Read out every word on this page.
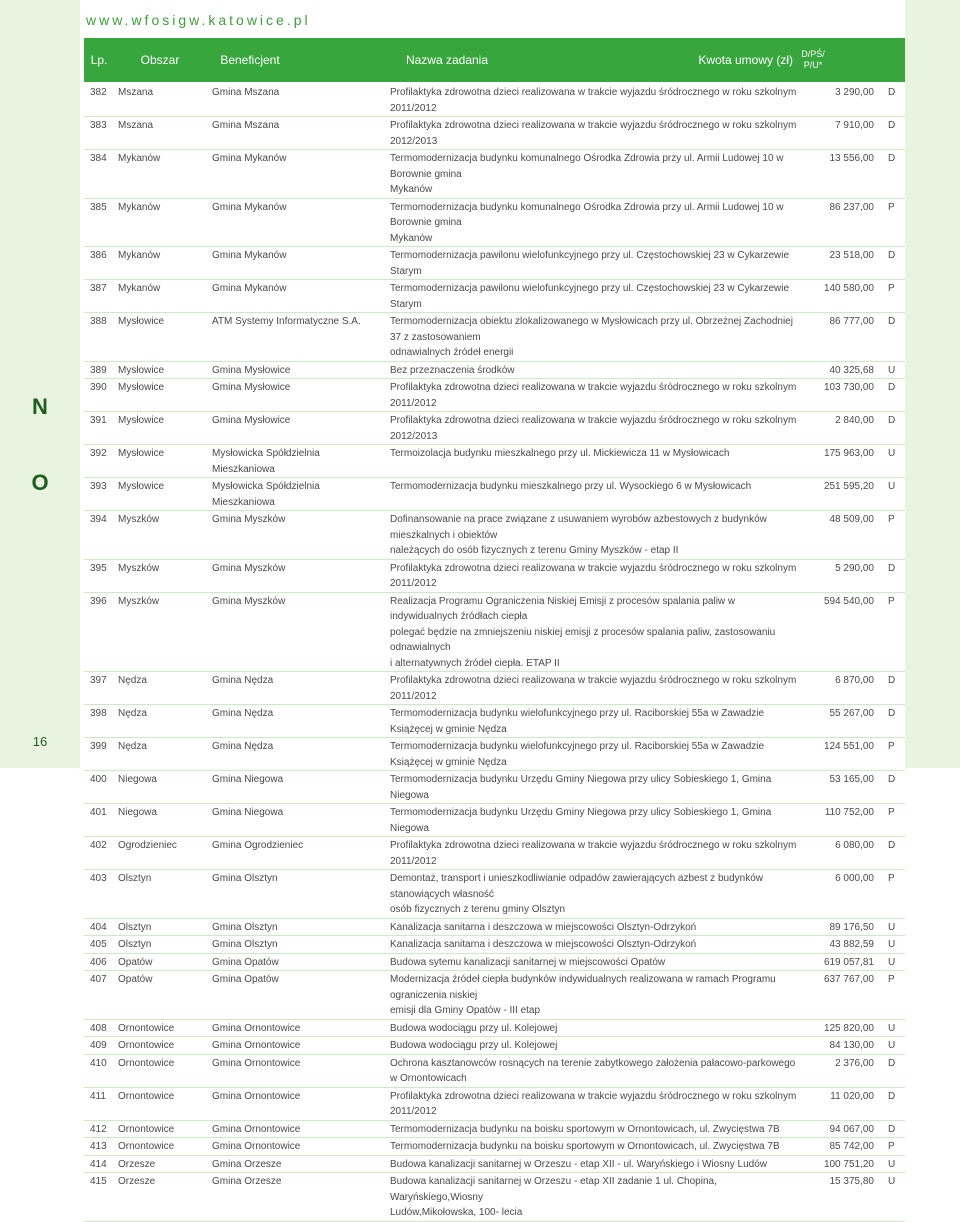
N
O
16
www.wfosigw.katowice.pl
Lp.	Obszar	Beneficjent	Nazwa zadania	Kwota umowy (zł) D/PŚ/ P/U*
382	Mszana	Gmina Mszana	Profilaktyka zdrowotna dzieci realizowana w trakcie wyjazdu śródrocznego w roku szkolnym 2011/2012
3 290,00	D
383	Mszana	Gmina Mszana	Profilaktyka zdrowotna dzieci realizowana w trakcie wyjazdu śródrocznego w roku szkolnym 2012/2013
7 910,00	D
384	Mykanów	Gmina Mykanów	Termomodernizacja budynku komunalnego Ośrodka Zdrowia przy ul. Armii Ludowej 10 w Borownie gmina
Mykanów
13 556,00	D
385	Mykanów	Gmina Mykanów	Termomodernizacja budynku komunalnego Ośrodka Zdrowia przy ul. Armii Ludowej 10 w Borownie gmina
Mykanów
86 237,00	P
386	Mykanów	Gmina Mykanów	Termomodernizacja pawilonu wielofunkcyjnego przy ul. Częstochowskiej 23 w Cykarzewie Starym
23 518,00	D
387	Mykanów	Gmina Mykanów	Termomodernizacja pawilonu wielofunkcyjnego przy ul. Częstochowskiej 23 w Cykarzewie Starym
140 580,00	P
388	Mysłowice	ATM Systemy Informatyczne S.A.	Termomodernizacja obiektu zlokalizowanego w Mysłowicach przy ul. Obrzeżnej Zachodniej 37 z zastosowaniem
odnawialnych źródeł energii
86 777,00	D
389	Mysłowice	Gmina Mysłowice	Bez przeznaczenia środków	40 325,68	U
390	Mysłowice	Gmina Mysłowice	Profilaktyka zdrowotna dzieci realizowana w trakcie wyjazdu śródrocznego w roku szkolnym 2011/2012
103 730,00	D
391	Mysłowice	Gmina Mysłowice	Profilaktyka zdrowotna dzieci realizowana w trakcie wyjazdu śródrocznego w roku szkolnym 2012/2013
2 840,00	D
392	Mysłowice	Mysłowicka Spółdzielnia Mieszkaniowa
Termoizolacja budynku mieszkalnego przy ul. Mickiewicza 11 w Mysłowicach	175 963,00	U
393	Mysłowice	Mysłowicka Spółdzielnia Mieszkaniowa
Termomodernizacja budynku mieszkalnego przy ul. Wysockiego 6 w Mysłowicach	251 595,20	U
394	Myszków	Gmina Myszków	Dofinansowanie na prace związane z usuwaniem wyrobów azbestowych z budynków mieszkalnych i obiektów
należących do osób fizycznych z terenu Gminy Myszków - etap II
48 509,00	P
395	Myszków	Gmina Myszków	Profilaktyka zdrowotna dzieci realizowana w trakcie wyjazdu śródrocznego w roku szkolnym 2011/2012
5 290,00	D
396	Myszków	Gmina Myszków	Realizacja Programu Ograniczenia Niskiej Emisji z procesów spalania paliw w indywidualnych źródłach ciepła
polegać będzie na zmniejszeniu niskiej emisji z procesów spalania paliw, zastosowaniu odnawialnych
i alternatywnych źródeł ciepła. ETAP II
594 540,00	P
397	Nędza	Gmina Nędza	Profilaktyka zdrowotna dzieci realizowana w trakcie wyjazdu śródrocznego w roku szkolnym 2011/2012
6 870,00	D
398	Nędza	Gmina Nędza	Termomodernizacja budynku wielofunkcyjnego przy ul. Raciborskiej 55a w Zawadzie Książęcej w gminie Nędza
55 267,00	D
399	Nędza	Gmina Nędza	Termomodernizacja budynku wielofunkcyjnego przy ul. Raciborskiej 55a w Zawadzie Książęcej w gminie Nędza
124 551,00	P
400	Niegowa	Gmina Niegowa	Termomodernizacja budynku Urzędu Gminy Niegowa przy ulicy Sobieskiego 1, Gmina Niegowa
53 165,00	D
401	Niegowa	Gmina Niegowa	Termomodernizacja budynku Urzędu Gminy Niegowa przy ulicy Sobieskiego 1, Gmina Niegowa
110 752,00	P
402	Ogrodzieniec	Gmina Ogrodzieniec	Profilaktyka zdrowotna dzieci realizowana w trakcie wyjazdu śródrocznego w roku szkolnym 2011/2012
6 080,00	D
403	Olsztyn	Gmina Olsztyn	Demontaż, transport i unieszkodliwianie odpadów zawierających azbest z budynków stanowiących własność
osób fizycznych z terenu gminy Olsztyn
6 000,00	P
404	Olsztyn	Gmina Olsztyn	Kanalizacja sanitarna i deszczowa w miejscowości Olsztyn-Odrzykoń	89 176,50	U
405	Olsztyn	Gmina Olsztyn	Kanalizacja sanitarna i deszczowa w miejscowości Olsztyn-Odrzykoń	43 882,59	U
406	Opatów	Gmina Opatów	Budowa sytemu kanalizacji sanitarnej w miejscowości Opatów	619 057,81	U
407	Opatów	Gmina Opatów	Modernizacja źródeł ciepła budynków indywidualnych realizowana w ramach Programu ograniczenia niskiej
emisji dla Gminy Opatów - III etap
637 767,00	P
408	Ornontowice	Gmina Ornontowice	Budowa wodociągu przy ul. Kolejowej	125 820,00	U
409	Ornontowice	Gmina Ornontowice	Budowa wodociągu przy ul. Kolejowej	84 130,00	U
410	Ornontowice	Gmina Ornontowice	Ochrona kasztanowców rosnących na terenie zabytkowego założenia pałacowo-parkowego w Ornontowicach
2 376,00	D
411	Ornontowice	Gmina Ornontowice	Profilaktyka zdrowotna dzieci realizowana w trakcie wyjazdu śródrocznego w roku szkolnym 2011/2012
11 020,00	D
412	Ornontowice	Gmina Ornontowice	Termomodernizacja budynku na boisku sportowym w Ornontowicach, ul. Zwycięstwa 7B	94 067,00	D
413	Ornontowice	Gmina Ornontowice	Termomodernizacja budynku na boisku sportowym w Ornontowicach, ul. Zwycięstwa 7B	85 742,00	P
414	Orzesze	Gmina Orzesze	Budowa kanalizacji sanitarnej w Orzeszu - etap XII - ul. Waryńskiego i Wiosny Ludów	100 751,20	U
415	Orzesze	Gmina Orzesze	Budowa kanalizacji sanitarnej w Orzeszu - etap XII zadanie 1 ul. Chopina, Waryńskiego,Wiosny
Ludów,Mikołowska, 100- lecia
15 375,80	U
